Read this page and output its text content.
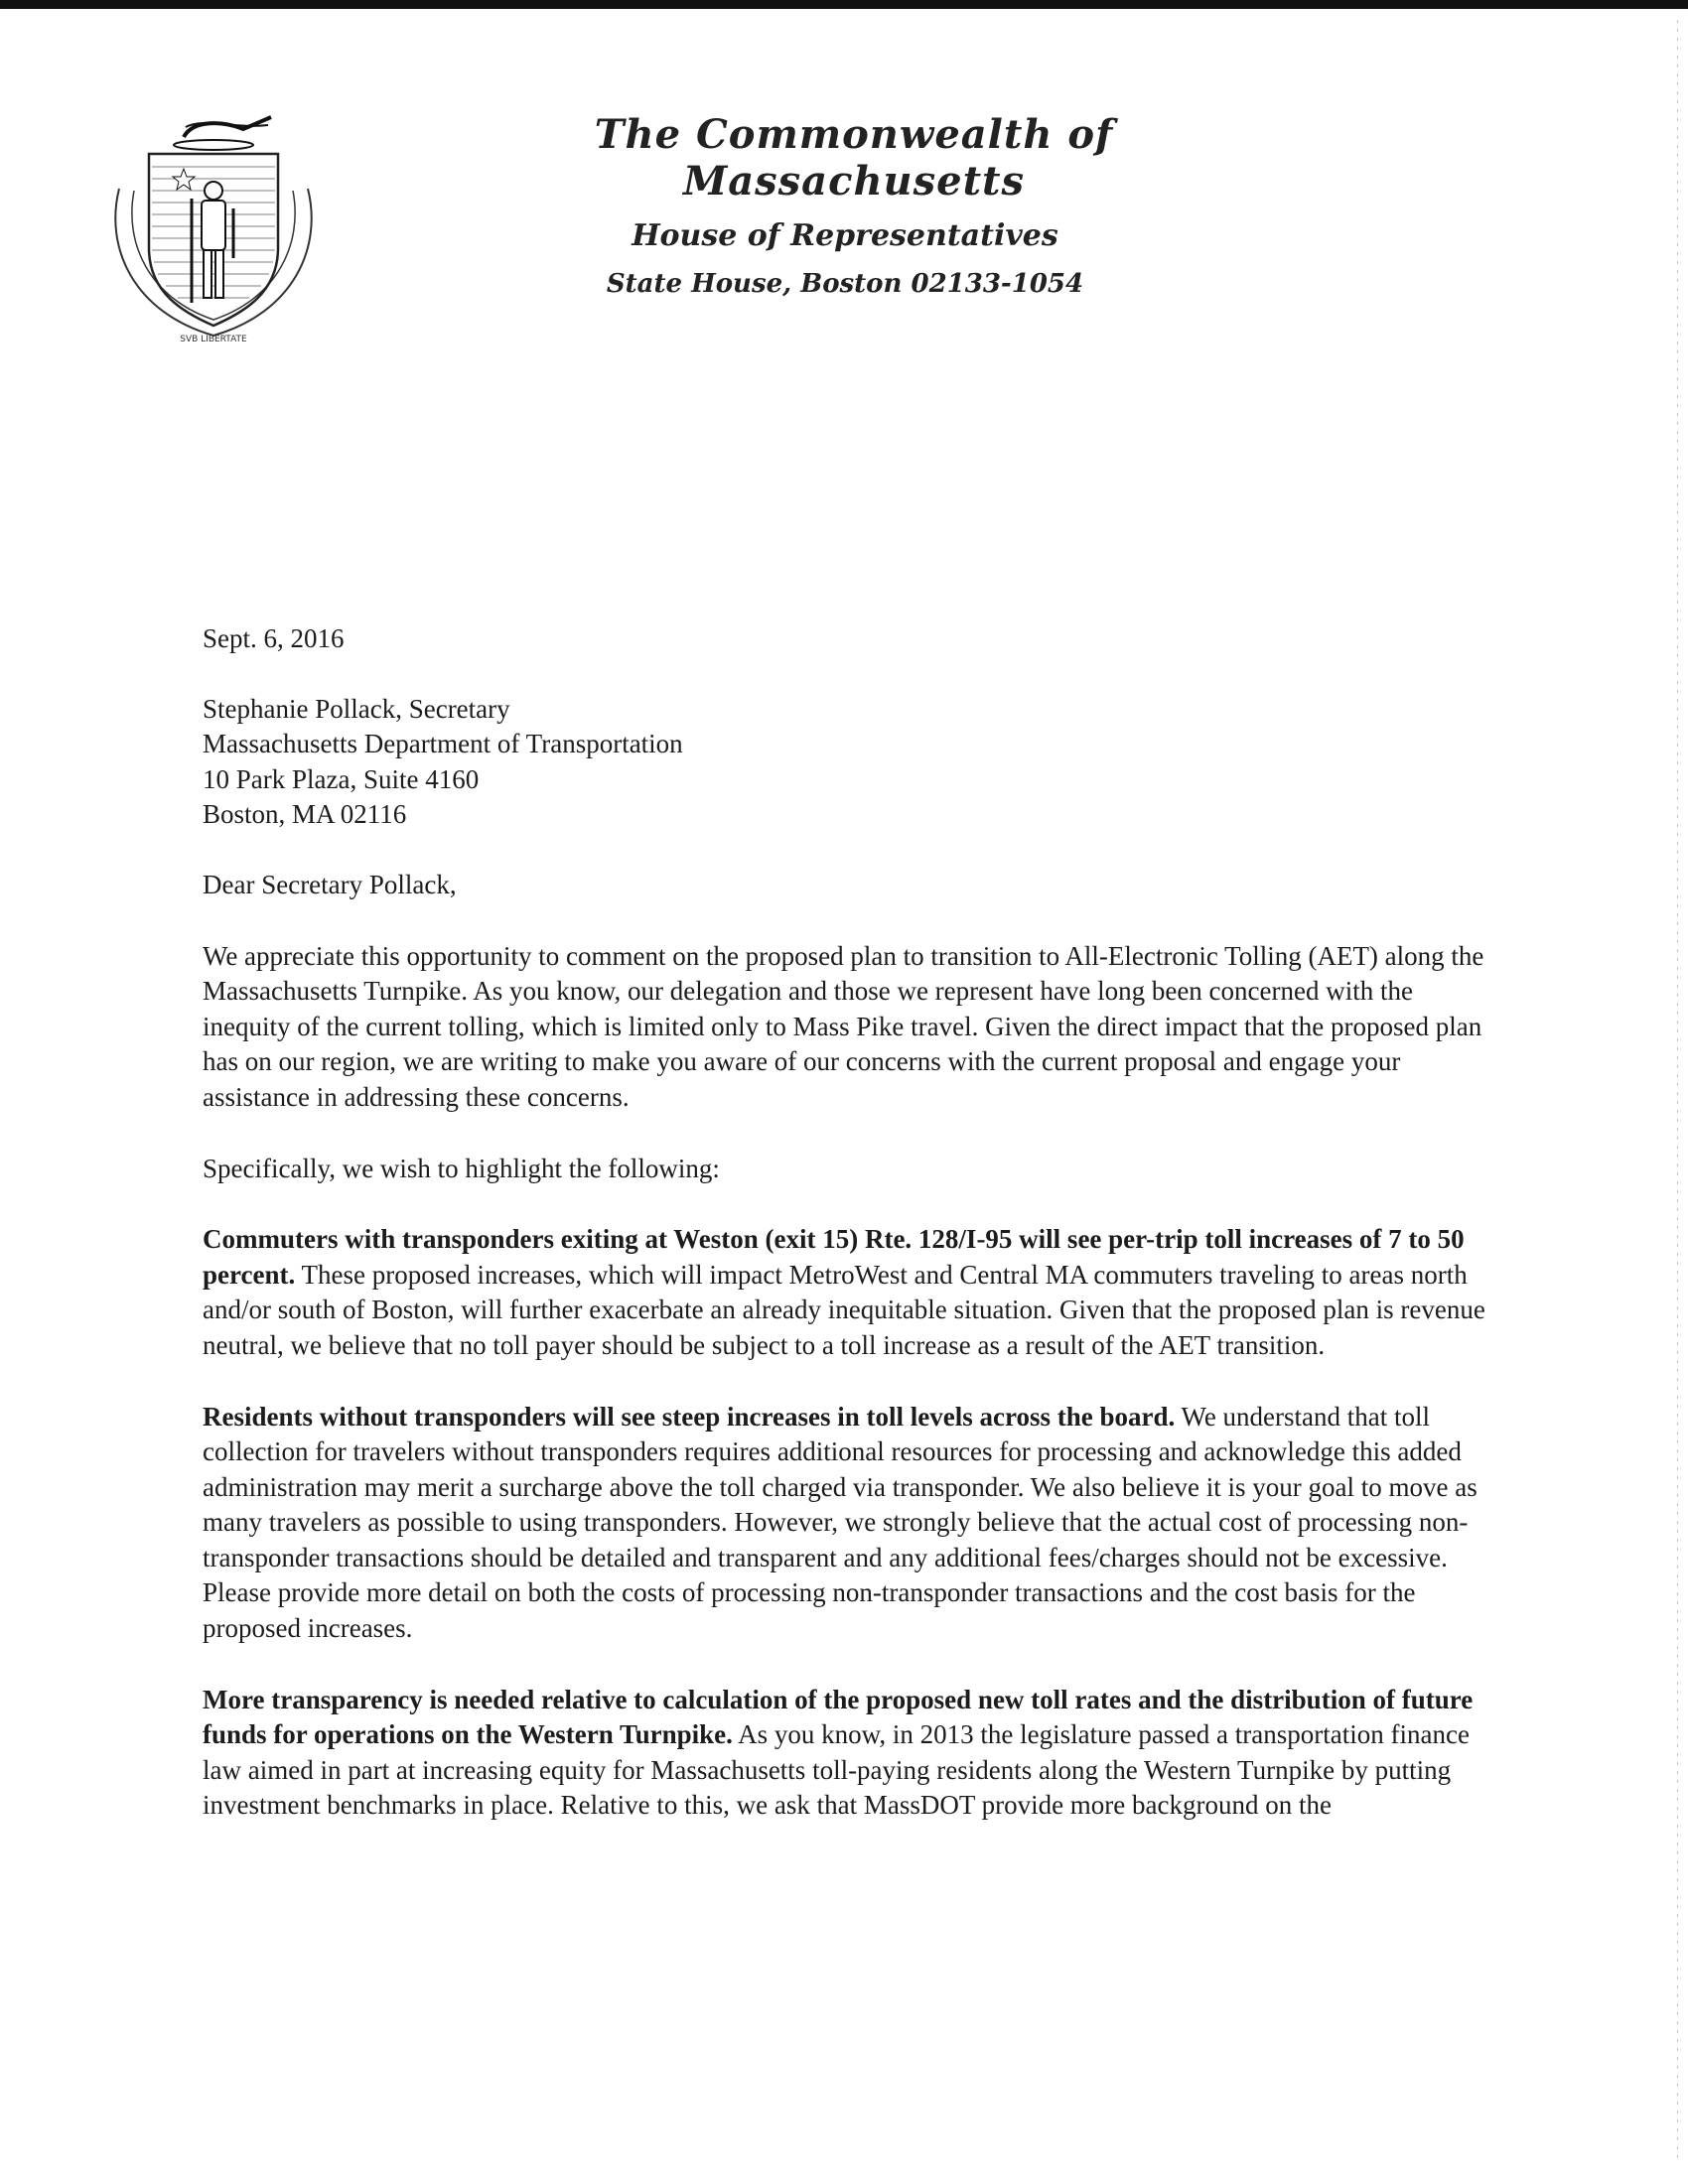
SVB LIBERTATE
The Commonwealth of Massachusetts
House of Representatives
State House, Boston 02133-1054

Sept. 6, 2016

Stephanie Pollack, Secretary
Massachusetts Department of Transportation
10 Park Plaza, Suite 4160
Boston, MA 02116

Dear Secretary Pollack,

We appreciate this opportunity to comment on the proposed plan to transition to All-Electronic Tolling (AET) along the Massachusetts Turnpike. As you know, our delegation and those we represent have long been concerned with the inequity of the current tolling, which is limited only to Mass Pike travel. Given the direct impact that the proposed plan has on our region, we are writing to make you aware of our concerns with the current proposal and engage your assistance in addressing these concerns.

Specifically, we wish to highlight the following:

Commuters with transponders exiting at Weston (exit 15) Rte. 128/I-95 will see per-trip toll increases of 7 to 50 percent. These proposed increases, which will impact MetroWest and Central MA commuters traveling to areas north and/or south of Boston, will further exacerbate an already inequitable situation. Given that the proposed plan is revenue neutral, we believe that no toll payer should be subject to a toll increase as a result of the AET transition.

Residents without transponders will see steep increases in toll levels across the board. We understand that toll collection for travelers without transponders requires additional resources for processing and acknowledge this added administration may merit a surcharge above the toll charged via transponder. We also believe it is your goal to move as many travelers as possible to using transponders. However, we strongly believe that the actual cost of processing non-transponder transactions should be detailed and transparent and any additional fees/charges should not be excessive. Please provide more detail on both the costs of processing non-transponder transactions and the cost basis for the proposed increases.

More transparency is needed relative to calculation of the proposed new toll rates and the distribution of future funds for operations on the Western Turnpike. As you know, in 2013 the legislature passed a transportation finance law aimed in part at increasing equity for Massachusetts toll-paying residents along the Western Turnpike by putting investment benchmarks in place. Relative to this, we ask that MassDOT provide more background on the
